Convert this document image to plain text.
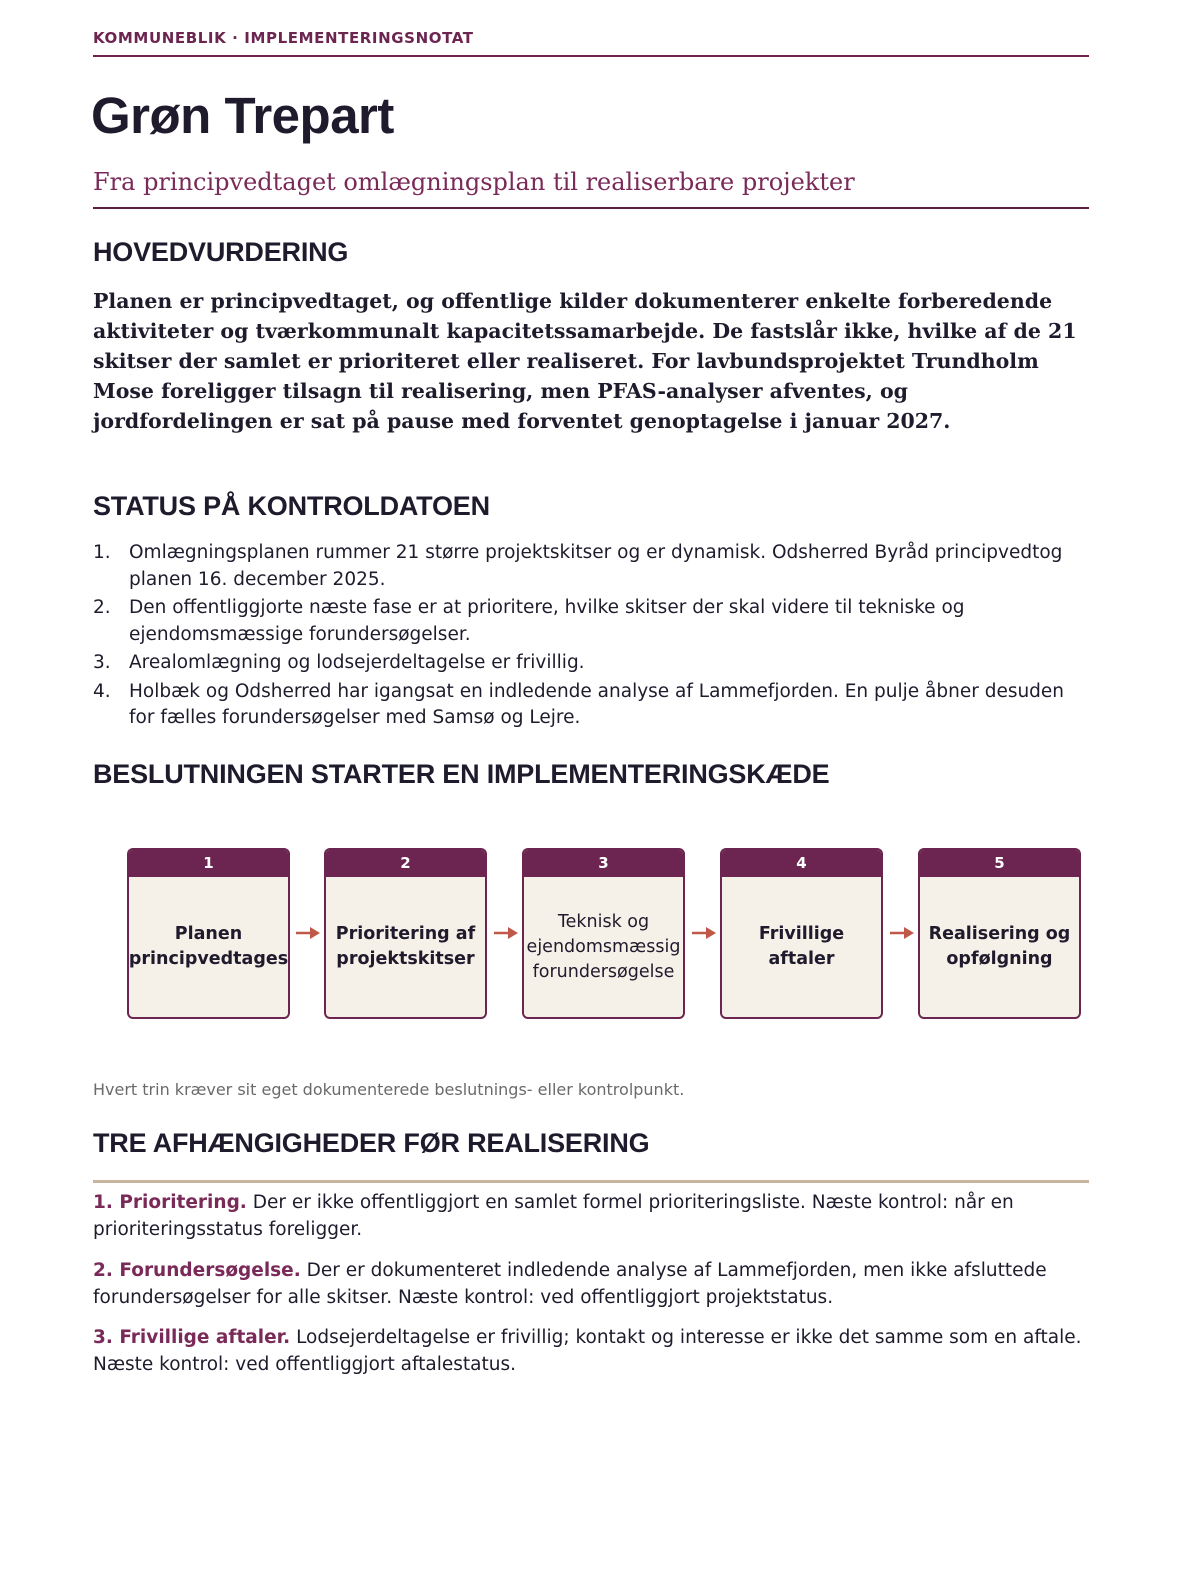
KOMMUNEBLIK · IMPLEMENTERINGSNOTAT
Grøn Trepart
Fra principvedtaget omlægningsplan til realiserbare projekter
HOVEDVURDERING
Planen er principvedtaget, og offentlige kilder dokumenterer enkelte forberedende aktiviteter og tværkommunalt kapacitetssamarbejde. De fastslår ikke, hvilke af de 21 skitser der samlet er prioriteret eller realiseret. For lavbundsprojektet Trundholm Mose foreligger tilsagn til realisering, men PFAS-analyser afventes, og jordfordelingen er sat på pause med forventet genoptagelse i januar 2027.
STATUS PÅ KONTROLDATOEN
1. Omlægningsplanen rummer 21 større projektskitser og er dynamisk. Odsherred Byråd principvedtog planen 16. december 2025.
2. Den offentliggjorte næste fase er at prioritere, hvilke skitser der skal videre til tekniske og ejendomsmæssige forundersøgelser.
3. Arealomlægning og lodsejerdeltagelse er frivillig.
4. Holbæk og Odsherred har igangsat en indledende analyse af Lammefjorden. En pulje åbner desuden for fælles forundersøgelser med Samsø og Lejre.
BESLUTNINGEN STARTER EN IMPLEMENTERINGSKÆDE
1
Planen
principvedtages
2
Prioritering af
projektskitser
3
Teknisk og
ejendomsmæssig
forundersøgelse
4
Frivillige
aftaler
5
Realisering og
opfølgning
Hvert trin kræver sit eget dokumenterede beslutnings- eller kontrolpunkt.
TRE AFHÆNGIGHEDER FØR REALISERING

1. Prioritering. Der er ikke offentliggjort en samlet formel prioriteringsliste. Næste kontrol: når en prioriteringsstatus foreligger.

2. Forundersøgelse. Der er dokumenteret indledende analyse af Lammefjorden, men ikke afsluttede forundersøgelser for alle skitser. Næste kontrol: ved offentliggjort projektstatus.

3. Frivillige aftaler. Lodsejerdeltagelse er frivillig; kontakt og interesse er ikke det samme som en aftale. Næste kontrol: ved offentliggjort aftalestatus.
